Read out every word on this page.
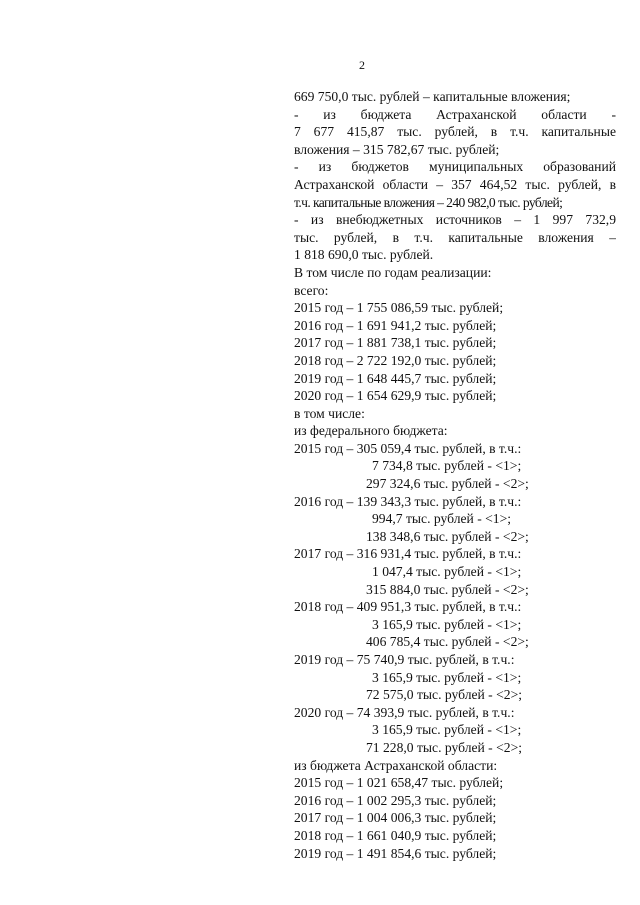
2
669 750,0 тыс. рублей – капитальные вложения;
- из бюджета Астраханской области -
7 677 415,87 тыс. рублей, в т.ч. капитальные
вложения – 315 782,67 тыс. рублей;
- из бюджетов муниципальных образований
Астраханской области – 357 464,52 тыс. рублей, в
т.ч. капитальные вложения – 240 982,0 тыс. рублей;
- из внебюджетных источников – 1 997 732,9
тыс. рублей, в т.ч. капитальные вложения –
1 818 690,0 тыс. рублей.
В том числе по годам реализации:
всего:
2015 год – 1 755 086,59 тыс. рублей;
2016 год – 1 691 941,2 тыс. рублей;
2017 год – 1 881 738,1 тыс. рублей;
2018 год – 2 722 192,0 тыс. рублей;
2019 год – 1 648 445,7 тыс. рублей;
2020 год – 1 654 629,9 тыс. рублей;
в том числе:
из федерального бюджета:
2015 год – 305 059,4 тыс. рублей, в т.ч.:
7 734,8 тыс. рублей - <1>;
297 324,6 тыс. рублей - <2>;
2016 год – 139 343,3 тыс. рублей, в т.ч.:
994,7 тыс. рублей - <1>;
138 348,6 тыс. рублей - <2>;
2017 год – 316 931,4 тыс. рублей, в т.ч.:
1 047,4 тыс. рублей - <1>;
315 884,0 тыс. рублей - <2>;
2018 год – 409 951,3 тыс. рублей, в т.ч.:
3 165,9 тыс. рублей - <1>;
406 785,4 тыс. рублей - <2>;
2019 год – 75 740,9 тыс. рублей, в т.ч.:
3 165,9 тыс. рублей - <1>;
72 575,0 тыс. рублей - <2>;
2020 год – 74 393,9 тыс. рублей, в т.ч.:
3 165,9 тыс. рублей - <1>;
71 228,0 тыс. рублей - <2>;
из бюджета Астраханской области:
2015 год – 1 021 658,47 тыс. рублей;
2016 год – 1 002 295,3 тыс. рублей;
2017 год – 1 004 006,3 тыс. рублей;
2018 год – 1 661 040,9 тыс. рублей;
2019 год – 1 491 854,6 тыс. рублей;
